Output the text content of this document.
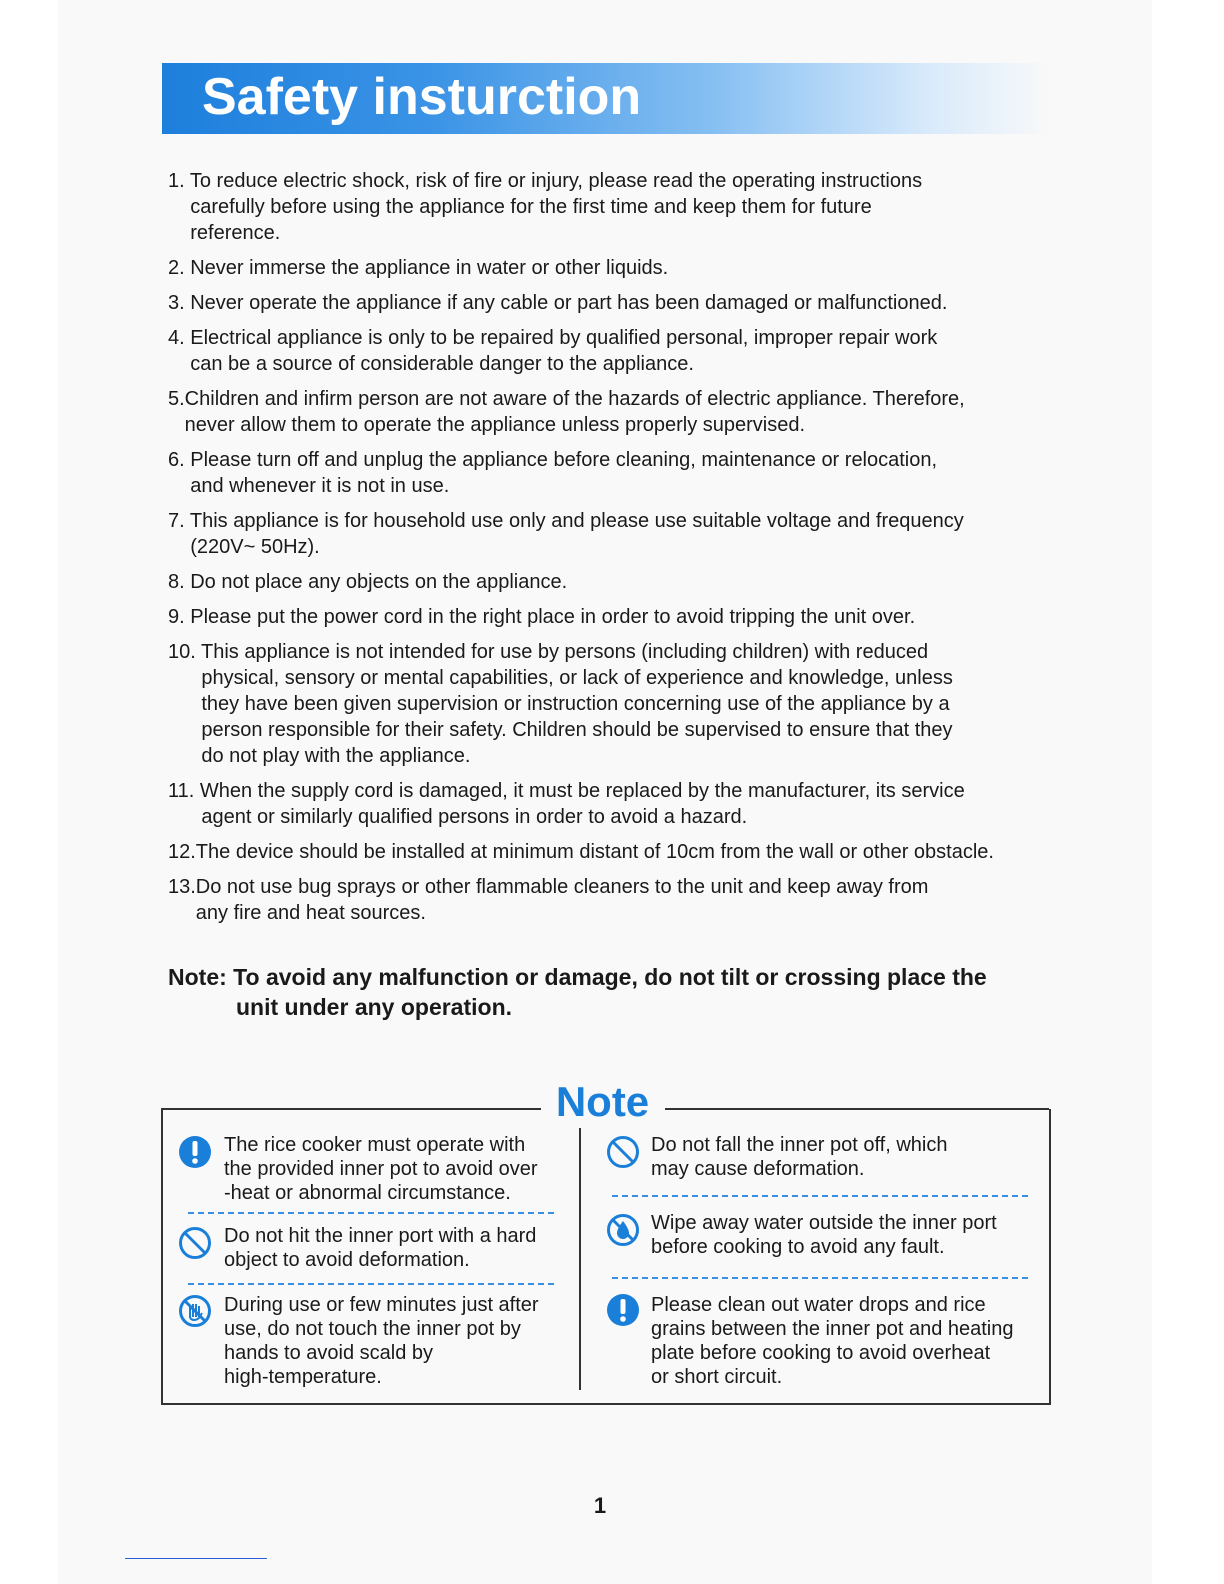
Safety insturction
1. To reduce electric shock, risk of fire or injury, please read the operating instructions
carefully before using the appliance for the first time and keep them for future
reference.
2. Never immerse the appliance in water or other liquids.
3. Never operate the appliance if any cable or part has been damaged or malfunctioned.
4. Electrical appliance is only to be repaired by qualified personal, improper repair work
can be a source of considerable danger to the appliance.
5.Children and infirm person are not aware of the hazards of electric appliance. Therefore,
never allow them to operate the appliance unless properly supervised.
6. Please turn off and unplug the appliance before cleaning, maintenance or relocation,
and whenever it is not in use.
7. This appliance is for household use only and please use suitable voltage and frequency
(220V~ 50Hz).
8. Do not place any objects on the appliance.
9. Please put the power cord in the right place in order to avoid tripping the unit over.
10. This appliance is not intended for use by persons (including children) with reduced
physical, sensory or mental capabilities, or lack of experience and knowledge, unless
they have been given supervision or instruction concerning use of the appliance by a
person responsible for their safety. Children should be supervised to ensure that they
do not play with the appliance.
11. When the supply cord is damaged, it must be replaced by the manufacturer, its service
agent or similarly qualified persons in order to avoid a hazard.
12.The device should be installed at minimum distant of 10cm from the wall or other obstacle.
13.Do not use bug sprays or other flammable cleaners to the unit and keep away from
any fire and heat sources.
Note: To avoid any malfunction or damage, do not tilt or crossing place the
unit under any operation.
Note
The rice cooker must operate with
the provided inner pot to avoid over
-heat or abnormal circumstance.
Do not hit the inner port with a hard
object to avoid deformation.
During use or few minutes just after
use, do not touch the inner pot by
hands to avoid scald by
high-temperature.
Do not fall the inner pot off, which
may cause deformation.
Wipe away water outside the inner port
before cooking to avoid any fault.
Please clean out water drops and rice
grains between the inner pot and heating
plate before cooking to avoid overheat
or short circuit.
1
